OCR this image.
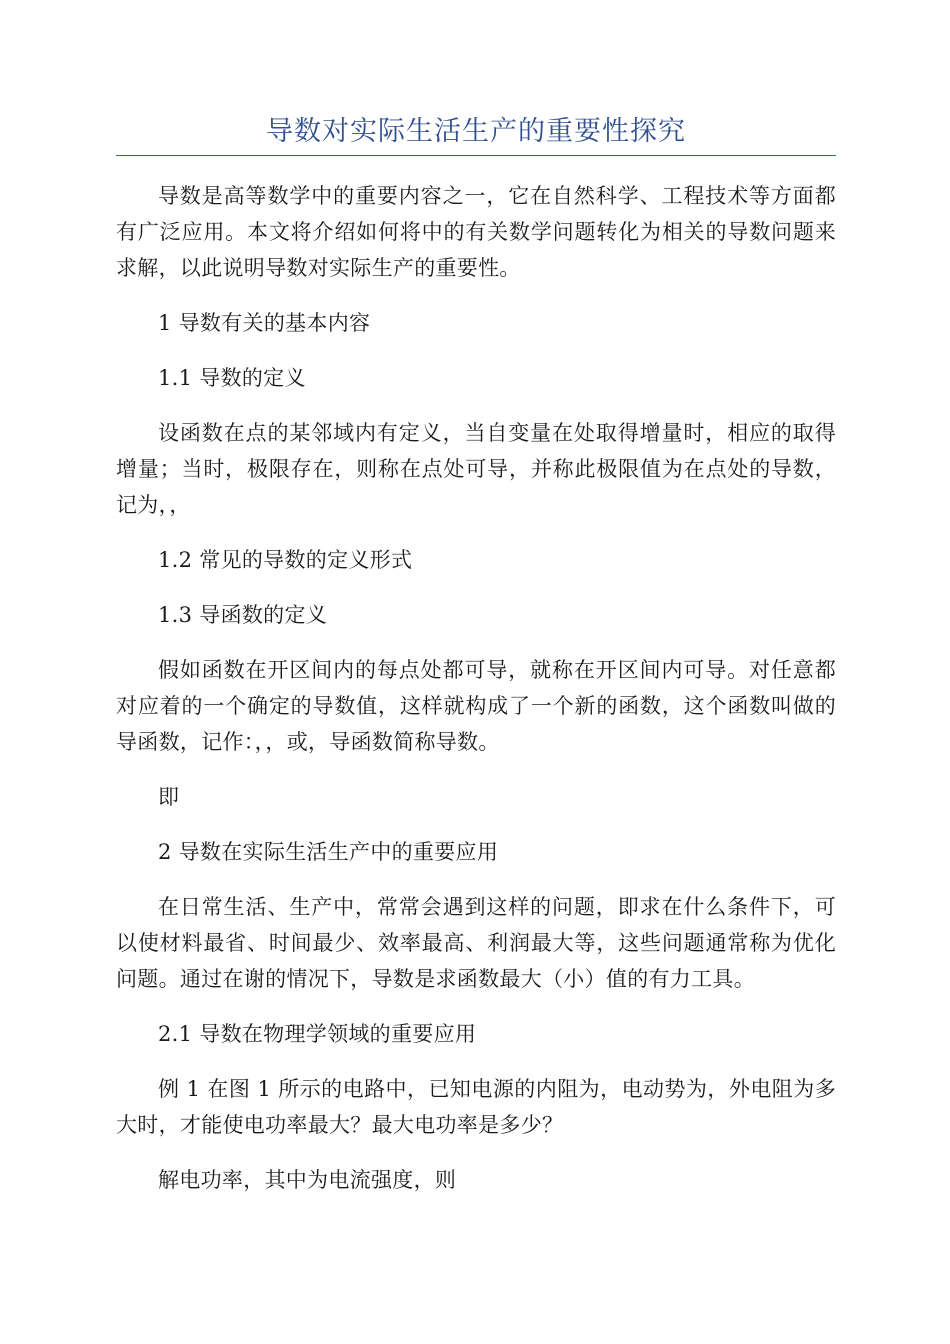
导数对实际生活生产的重要性探究

导数是高等数学中的重要内容之一，它在自然科学、工程技术等方面都有广泛应用。本文将介绍如何将中的有关数学问题转化为相关的导数问题来求解，以此说明导数对实际生产的重要性。

1 导数有关的基本内容

1.1 导数的定义

设函数在点的某邻域内有定义，当自变量在处取得增量时，相应的取得增量；当时，极限存在，则称在点处可导，并称此极限值为在点处的导数，记为，，

1.2 常见的导数的定义形式

1.3 导函数的定义

假如函数在开区间内的每点处都可导，就称在开区间内可导。对任意都对应着的一个确定的导数值，这样就构成了一个新的函数，这个函数叫做的导函数，记作：，，或，导函数简称导数。

即

2 导数在实际生活生产中的重要应用

在日常生活、生产中，常常会遇到这样的问题，即求在什么条件下，可以使材料最省、时间最少、效率最高、利润最大等，这些问题通常称为优化问题。通过在谢的情况下，导数是求函数最大（小）值的有力工具。

2.1 导数在物理学领域的重要应用

例 1 在图 1 所示的电路中，已知电源的内阻为，电动势为，外电阻为多大时，才能使电功率最大？最大电功率是多少？

解电功率，其中为电流强度，则
